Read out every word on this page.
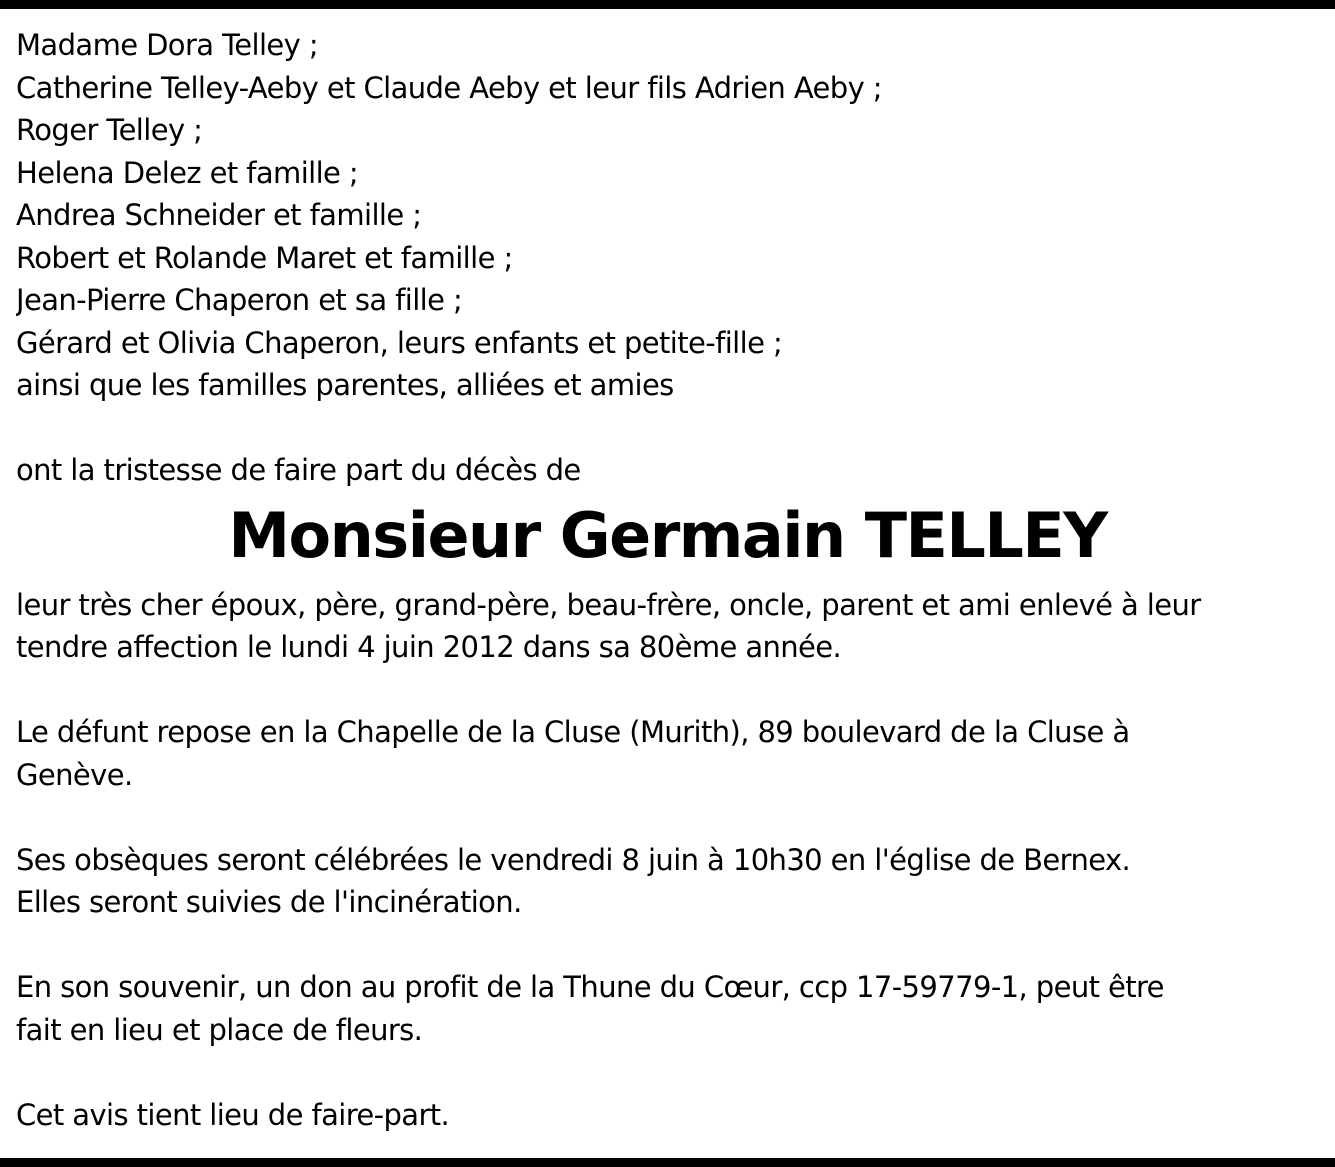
Madame Dora Telley ;
Catherine Telley-Aeby et Claude Aeby et leur fils Adrien Aeby ;
Roger Telley ;
Helena Delez et famille ;
Andrea Schneider et famille ;
Robert et Rolande Maret et famille ;
Jean-Pierre Chaperon et sa fille ;
Gérard et Olivia Chaperon, leurs enfants et petite-fille ;
ainsi que les familles parentes, alliées et amies
ont la tristesse de faire part du décès de
Monsieur Germain TELLEY
leur très cher époux, père, grand-père, beau-frère, oncle, parent et ami enlevé à leur
tendre affection le lundi 4 juin 2012 dans sa 80ème année.
Le défunt repose en la Chapelle de la Cluse (Murith), 89 boulevard de la Cluse à
Genève.
Ses obsèques seront célébrées le vendredi 8 juin à 10h30 en l'église de Bernex.
Elles seront suivies de l'incinération.
En son souvenir, un don au profit de la Thune du Cœur, ccp 17-59779-1, peut être
fait en lieu et place de fleurs.
Cet avis tient lieu de faire-part.
